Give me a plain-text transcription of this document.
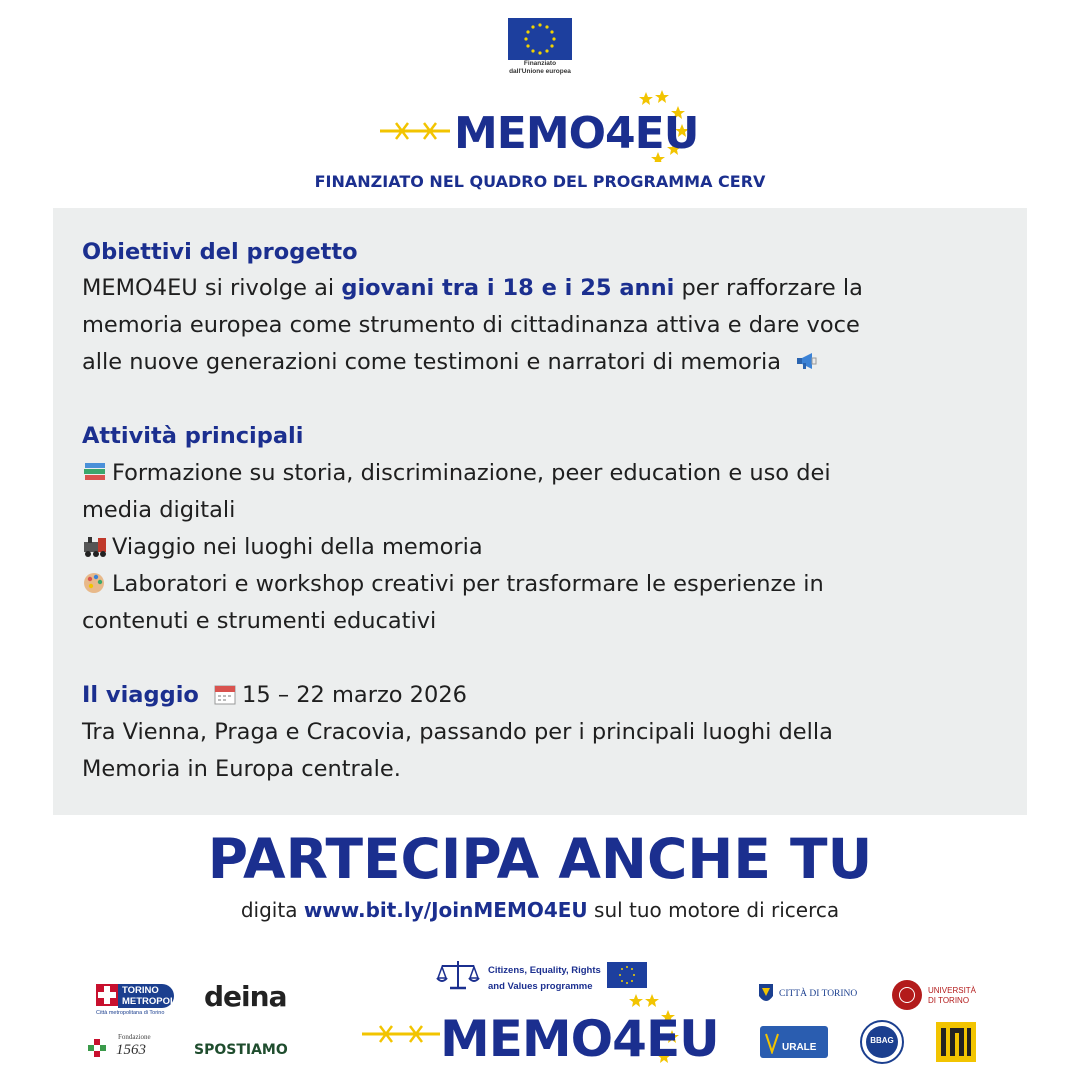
Finanziato
dall'Unione europea
MEMO4EU
FINANZIATO NEL QUADRO DEL PROGRAMMA CERV
Obiettivi del progetto
MEMO4EU si rivolge ai giovani tra i 18 e i 25 anni per rafforzare la
memoria europea come strumento di cittadinanza attiva e dare voce
alle nuove generazioni come testimoni e narratori di memoria
Attività principali
Formazione su storia, discriminazione, peer education e uso dei
media digitali
Viaggio nei luoghi della memoria
Laboratori e workshop creativi per trasformare le esperienze in
contenuti e strumenti educativi
Il viaggio 15 – 22 marzo 2026
Tra Vienna, Praga e Cracovia, passando per i principali luoghi della
Memoria in Europa centrale.
PARTECIPA ANCHE TU
digita www.bit.ly/JoinMEMO4EU sul tuo motore di ricerca
Citizens, Equality, Rights
and Values programme
MEMO4EU
TORINO
METROPOLI
Città metropolitana di Torino deina
Fondazione
1563	SPOSTIAMO
CITTÀ DI TORINO	UNIVERSITÀ
DI TORINO
URALE
BBAG
